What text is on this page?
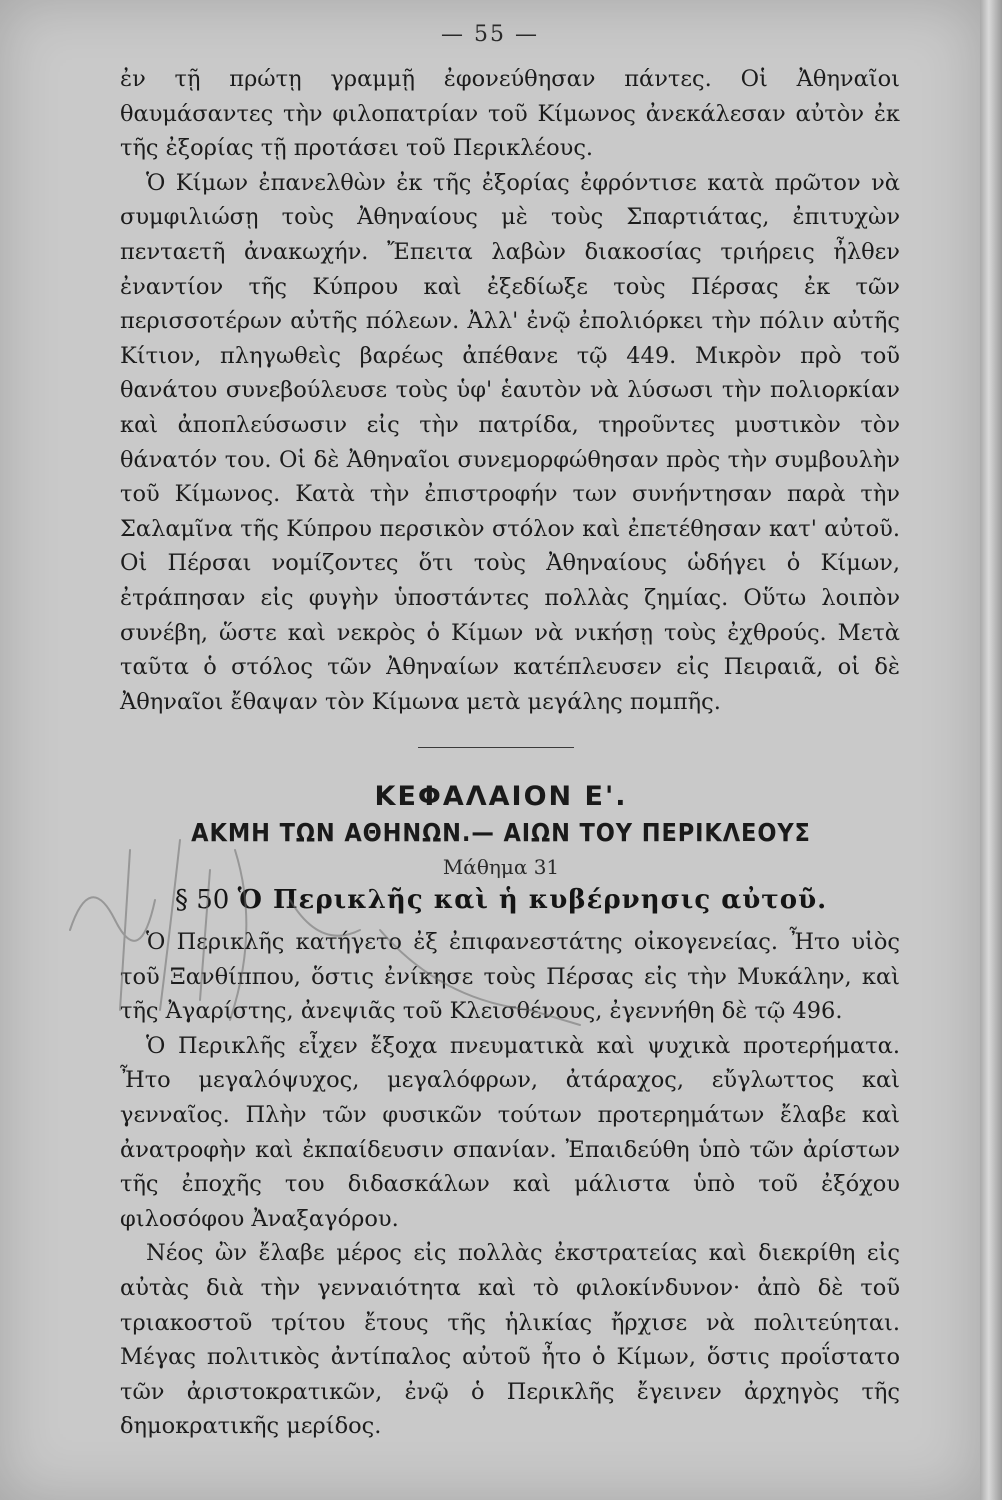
— 55 —

ἐν τῇ πρώτῃ γραμμῇ ἐφονεύθησαν πάντες. Οἱ Ἀθηναῖοι θαυμάσαντες τὴν φιλοπατρίαν τοῦ Κίμωνος ἀνεκάλεσαν αὐτὸν ἐκ τῆς ἐξορίας τῇ προτάσει τοῦ Περικλέους.

Ὁ Κίμων ἐπανελθὼν ἐκ τῆς ἐξορίας ἐφρόντισε κατὰ πρῶτον νὰ συμφιλιώσῃ τοὺς Ἀθηναίους μὲ τοὺς Σπαρτιάτας, ἐπιτυχὼν πενταετῆ ἀνακωχήν. Ἔπειτα λαβὼν διακοσίας τριήρεις ἦλθεν ἐναντίον τῆς Κύπρου καὶ ἐξεδίωξε τοὺς Πέρσας ἐκ τῶν περισσοτέρων αὐτῆς πόλεων. Ἀλλ' ἐνῷ ἐπολιόρκει τὴν πόλιν αὐτῆς Κίτιον, πληγωθεὶς βαρέως ἀπέθανε τῷ 449. Μικρὸν πρὸ τοῦ θανάτου συνεβούλευσε τοὺς ὑφ' ἑαυτὸν νὰ λύσωσι τὴν πολιορκίαν καὶ ἀποπλεύσωσιν εἰς τὴν πατρίδα, τηροῦντες μυστικὸν τὸν θάνατόν του. Οἱ δὲ Ἀθηναῖοι συνεμορφώθησαν πρὸς τὴν συμβουλὴν τοῦ Κίμωνος. Κατὰ τὴν ἐπιστροφήν των συνήντησαν παρὰ τὴν Σαλαμῖνα τῆς Κύπρου περσικὸν στόλον καὶ ἐπετέθησαν κατ' αὐτοῦ. Οἱ Πέρσαι νομίζοντες ὅτι τοὺς Ἀθηναίους ὡδήγει ὁ Κίμων, ἐτράπησαν εἰς φυγὴν ὑποστάντες πολλὰς ζημίας. Οὕτω λοιπὸν συνέβη, ὥστε καὶ νεκρὸς ὁ Κίμων νὰ νικήσῃ τοὺς ἐχθρούς. Μετὰ ταῦτα ὁ στόλος τῶν Ἀθηναίων κατέπλευσεν εἰς Πειραιᾶ, οἱ δὲ Ἀθηναῖοι ἔθαψαν τὸν Κίμωνα μετὰ μεγάλης πομπῆς.

ΚΕΦΑΛΑΙΟΝ Ε'.
ΑΚΜΗ ΤΩΝ ΑΘΗΝΩΝ.— ΑΙΩΝ ΤΟΥ ΠΕΡΙΚΛΕΟΥΣ
Μάθημα 31
§ 50 Ὁ Περικλῆς καὶ ἡ κυβέρνησις αὐτοῦ.

Ὁ Περικλῆς κατήγετο ἐξ ἐπιφανεστάτης οἰκογενείας. Ἦτο υἱὸς τοῦ Ξανθίππου, ὅστις ἐνίκησε τοὺς Πέρσας εἰς τὴν Μυκάλην, καὶ τῆς Ἀγαρίστης, ἀνεψιᾶς τοῦ Κλεισθένους, ἐγεννήθη δὲ τῷ 496.

Ὁ Περικλῆς εἶχεν ἔξοχα πνευματικὰ καὶ ψυχικὰ προτερήματα. Ἦτο μεγαλόψυχος, μεγαλόφρων, ἀτάραχος, εὔγλωττος καὶ γενναῖος. Πλὴν τῶν φυσικῶν τούτων προτερημάτων ἔλαβε καὶ ἀνατροφὴν καὶ ἐκπαίδευσιν σπανίαν. Ἐπαιδεύθη ὑπὸ τῶν ἀρίστων τῆς ἐποχῆς του διδασκάλων καὶ μάλιστα ὑπὸ τοῦ ἐξόχου φιλοσόφου Ἀναξαγόρου.

Νέος ὢν ἔλαβε μέρος εἰς πολλὰς ἐκστρατείας καὶ διεκρίθη εἰς αὐτὰς διὰ τὴν γενναιότητα καὶ τὸ φιλοκίνδυνον· ἀπὸ δὲ τοῦ τριακοστοῦ τρίτου ἔτους τῆς ἡλικίας ἤρχισε νὰ πολιτεύηται. Μέγας πολιτικὸς ἀντίπαλος αὐτοῦ ἦτο ὁ Κίμων, ὅστις προΐστατο τῶν ἀριστοκρατικῶν, ἐνῷ ὁ Περικλῆς ἔγεινεν ἀρχηγὸς τῆς δημοκρατικῆς μερίδος.
